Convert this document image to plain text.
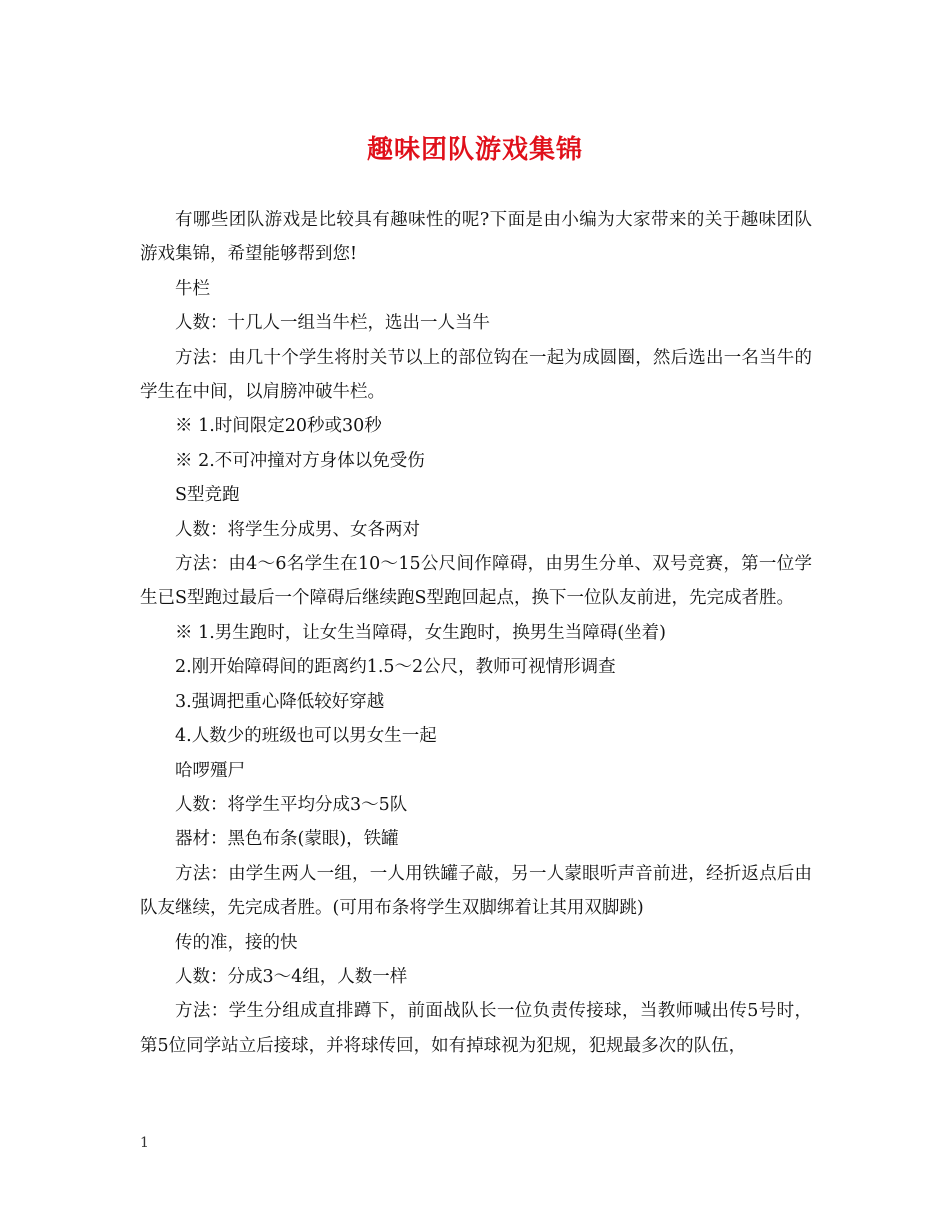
趣味团队游戏集锦

有哪些团队游戏是比较具有趣味性的呢?下面是由小编为大家带来的关于趣味团队游戏集锦，希望能够帮到您!

牛栏

人数：十几人一组当牛栏，选出一人当牛

方法：由几十个学生将肘关节以上的部位钩在一起为成圆圈，然后选出一名当牛的学生在中间，以肩膀冲破牛栏。

※ 1.时间限定20秒或30秒

※ 2.不可冲撞对方身体以免受伤

S型竞跑

人数：将学生分成男、女各两对

方法：由4～6名学生在10～15公尺间作障碍，由男生分单、双号竞赛，第一位学生已S型跑过最后一个障碍后继续跑S型跑回起点，换下一位队友前进，先完成者胜。

※ 1.男生跑时，让女生当障碍，女生跑时，换男生当障碍(坐着)

2.刚开始障碍间的距离约1.5～2公尺，教师可视情形调查

3.强调把重心降低较好穿越

4.人数少的班级也可以男女生一起

哈啰殭尸

人数：将学生平均分成3～5队

器材：黑色布条(蒙眼)，铁罐

方法：由学生两人一组，一人用铁罐子敲，另一人蒙眼听声音前进，经折返点后由队友继续，先完成者胜。(可用布条将学生双脚绑着让其用双脚跳)

传的准，接的快

人数：分成3～4组，人数一样

方法：学生分组成直排蹲下，前面战队长一位负责传接球，当教师喊出传5号时，第5位同学站立后接球，并将球传回，如有掉球视为犯规，犯规最多次的队伍，

1
